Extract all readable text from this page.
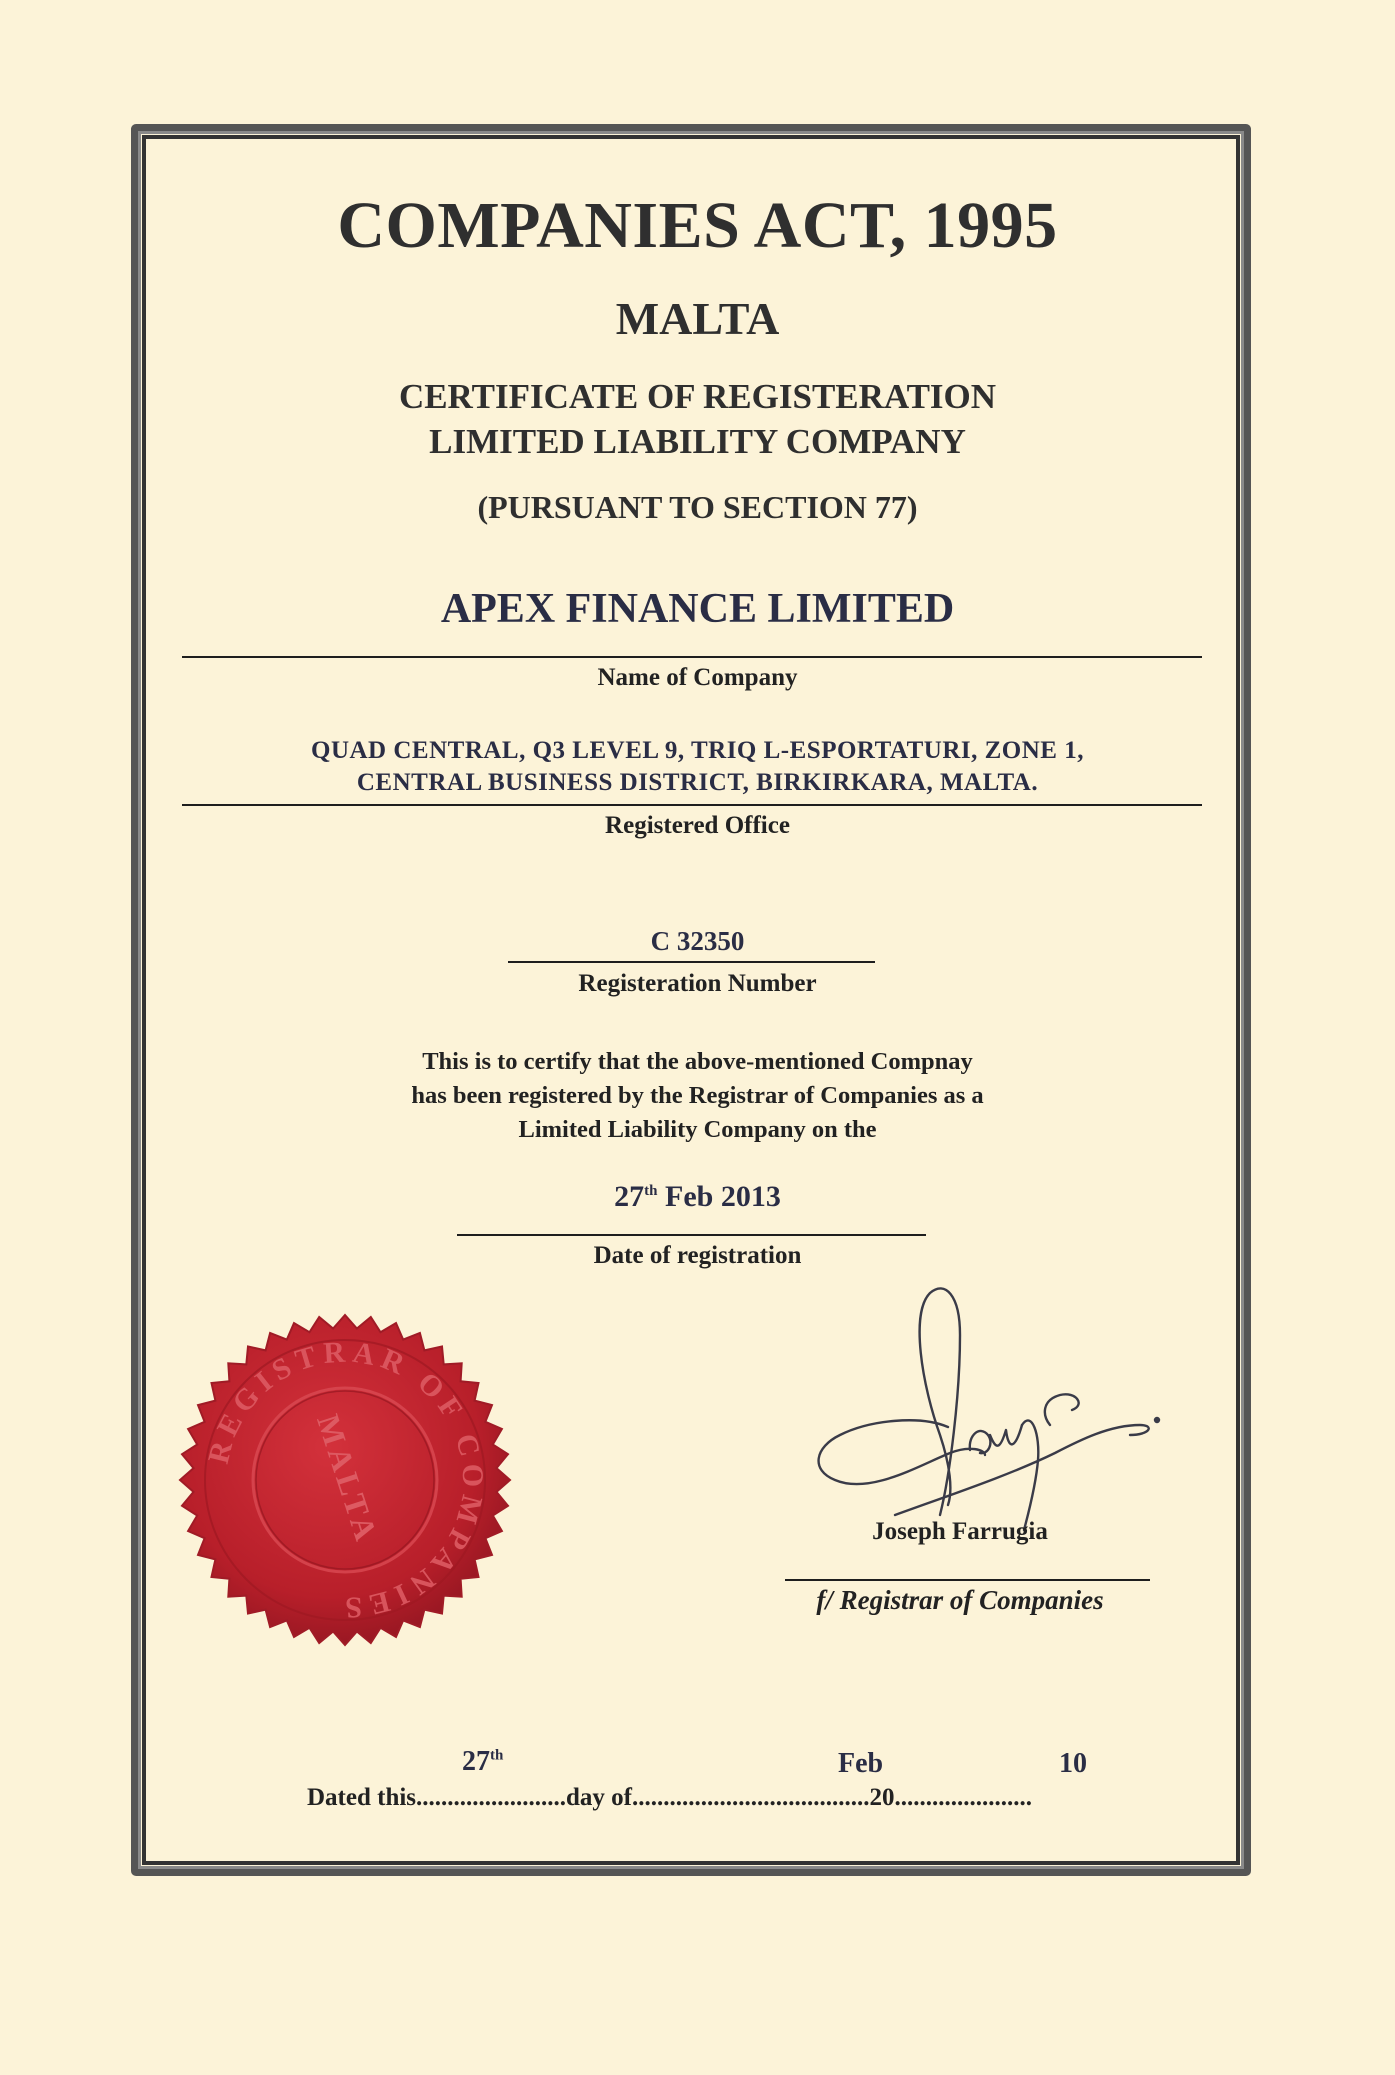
COMPANIES ACT, 1995
MALTA
CERTIFICATE OF REGISTERATION
LIMITED LIABILITY COMPANY
(PURSUANT TO SECTION 77)
APEX FINANCE LIMITED
Name of Company
QUAD CENTRAL, Q3 LEVEL 9, TRIQ L-ESPORTATURI, ZONE 1,
CENTRAL BUSINESS DISTRICT, BIRKIRKARA, MALTA.
Registered Office
C 32350
Registeration Number
This is to certify that the above-mentioned Compnay
has been registered by the Registrar of Companies as a
Limited Liability Company on the
27th Feb 2013
Date of registration
REGISTRAR OF COMPANIES
MALTA	Joseph Farrugia
f/ Registrar of Companies
27th	Feb	10
Dated this........................day of......................................20......................
